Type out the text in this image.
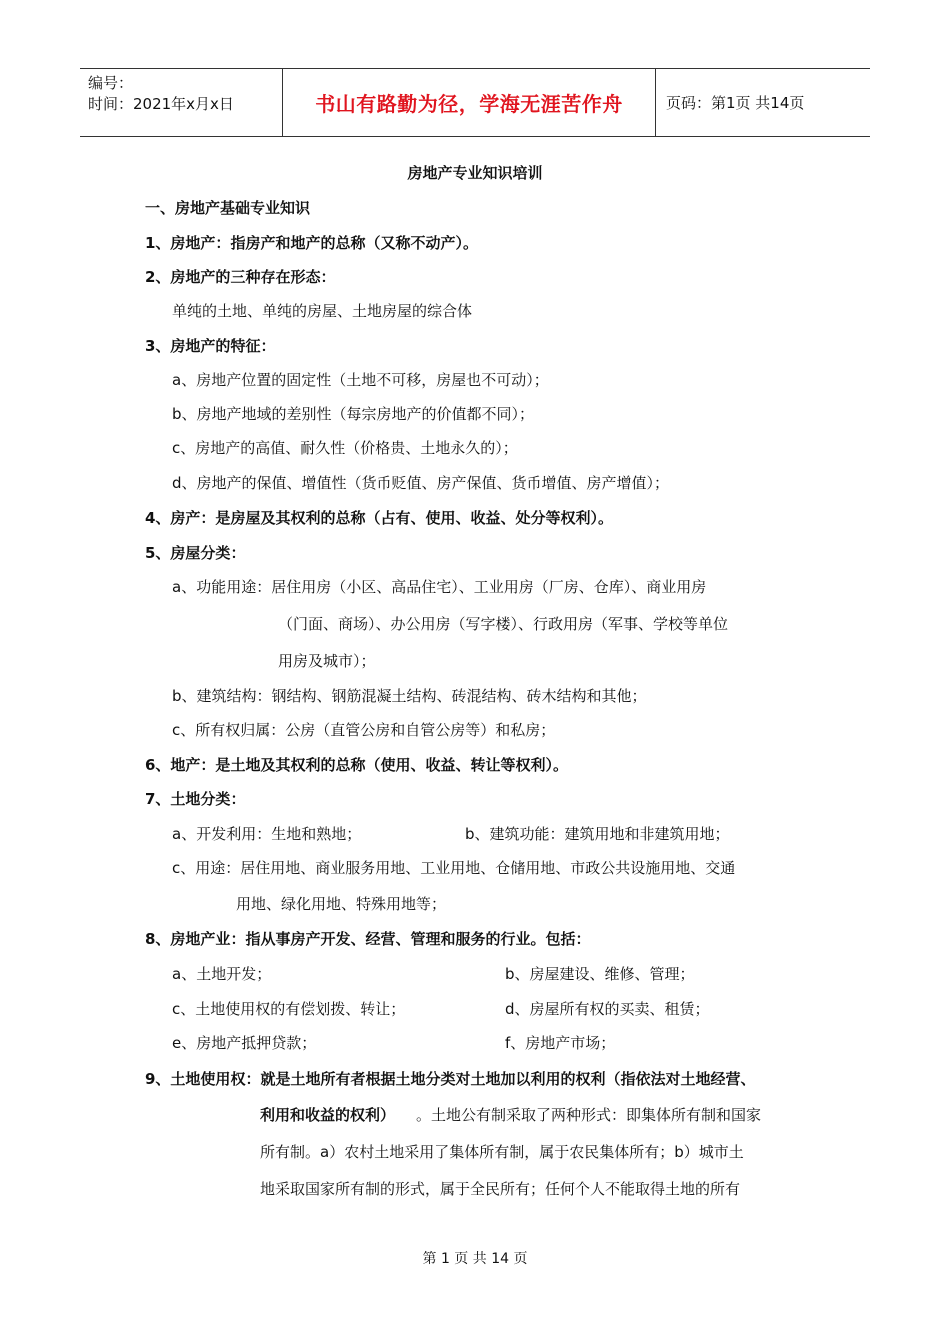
编号：
时间：2021年x月x日	书山有路勤为径，学海无涯苦作舟	页码：第1页 共14页
房地产专业知识培训
一、房地产基础专业知识
1、房地产：指房产和地产的总称（又称不动产）。
2、房地产的三种存在形态：
单纯的土地、单纯的房屋、土地房屋的综合体
3、房地产的特征：
a、房地产位置的固定性（土地不可移，房屋也不可动）；
b、房地产地域的差别性（每宗房地产的价值都不同）；
c、房地产的高值、耐久性（价格贵、土地永久的）；
d、房地产的保值、增值性（货币贬值、房产保值、货币增值、房产增值）；
4、房产：是房屋及其权利的总称（占有、使用、收益、处分等权利）。
5、房屋分类：
a、功能用途：居住用房（小区、高品住宅）、工业用房（厂房、仓库）、商业用房
（门面、商场）、办公用房（写字楼）、行政用房（军事、学校等单位
用房及城市）；
b、建筑结构：钢结构、钢筋混凝土结构、砖混结构、砖木结构和其他；
c、所有权归属：公房（直管公房和自管公房等）和私房；
6、地产：是土地及其权利的总称（使用、收益、转让等权利）。
7、土地分类：
a、开发利用：生地和熟地；	b、建筑功能：建筑用地和非建筑用地；
c、用途：居住用地、商业服务用地、工业用地、仓储用地、市政公共设施用地、交通
用地、绿化用地、特殊用地等；
8、房地产业：指从事房产开发、经营、管理和服务的行业。包括：
a、土地开发；	b、房屋建设、维修、管理；
c、土地使用权的有偿划拨、转让；	d、房屋所有权的买卖、租赁；
e、房地产抵押贷款；	f、房地产市场；
9、土地使用权：就是土地所有者根据土地分类对土地加以利用的权利（指依法对土地经营、
利用和收益的权利） 。土地公有制采取了两种形式：即集体所有制和国家
所有制。a）农村土地采用了集体所有制，属于农民集体所有；b）城市土
地采取国家所有制的形式，属于全民所有；任何个人不能取得土地的所有
第 1 页 共 14 页
